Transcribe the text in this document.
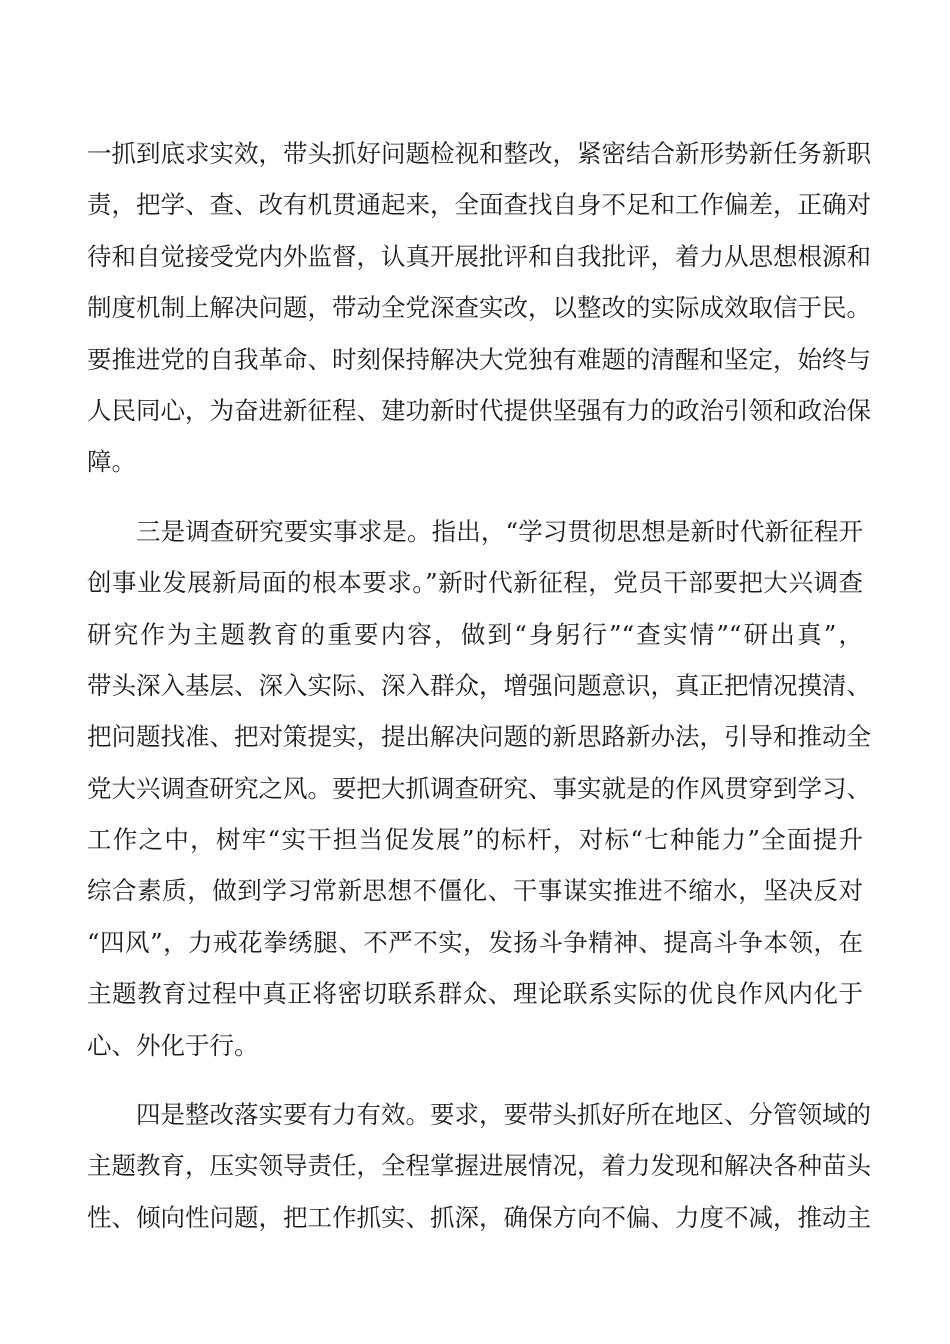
一抓到底求实效，带头抓好问题检视和整改，紧密结合新形势新任务新职
责，把学、查、改有机贯通起来，全面查找自身不足和工作偏差，正确对
待和自觉接受党内外监督，认真开展批评和自我批评，着力从思想根源和
制度机制上解决问题，带动全党深查实改，以整改的实际成效取信于民。
要推进党的自我革命、时刻保持解决大党独有难题的清醒和坚定，始终与
人民同心，为奋进新征程、建功新时代提供坚强有力的政治引领和政治保
障。
三是调查研究要实事求是。指出，“学习贯彻思想是新时代新征程开
创事业发展新局面的根本要求。”新时代新征程，党员干部要把大兴调查
研究作为主题教育的重要内容，做到“身躬行”“查实情”“研出真”，
带头深入基层、深入实际、深入群众，增强问题意识，真正把情况摸清、
把问题找准、把对策提实，提出解决问题的新思路新办法，引导和推动全
党大兴调查研究之风。要把大抓调查研究、事实就是的作风贯穿到学习、
工作之中，树牢“实干担当促发展”的标杆，对标“七种能力”全面提升
综合素质，做到学习常新思想不僵化、干事谋实推进不缩水，坚决反对
“四风”，力戒花拳绣腿、不严不实，发扬斗争精神、提高斗争本领，在
主题教育过程中真正将密切联系群众、理论联系实际的优良作风内化于
心、外化于行。
四是整改落实要有力有效。要求，要带头抓好所在地区、分管领域的
主题教育，压实领导责任，全程掌握进展情况，着力发现和解决各种苗头
性、倾向性问题，把工作抓实、抓深，确保方向不偏、力度不减，推动主
